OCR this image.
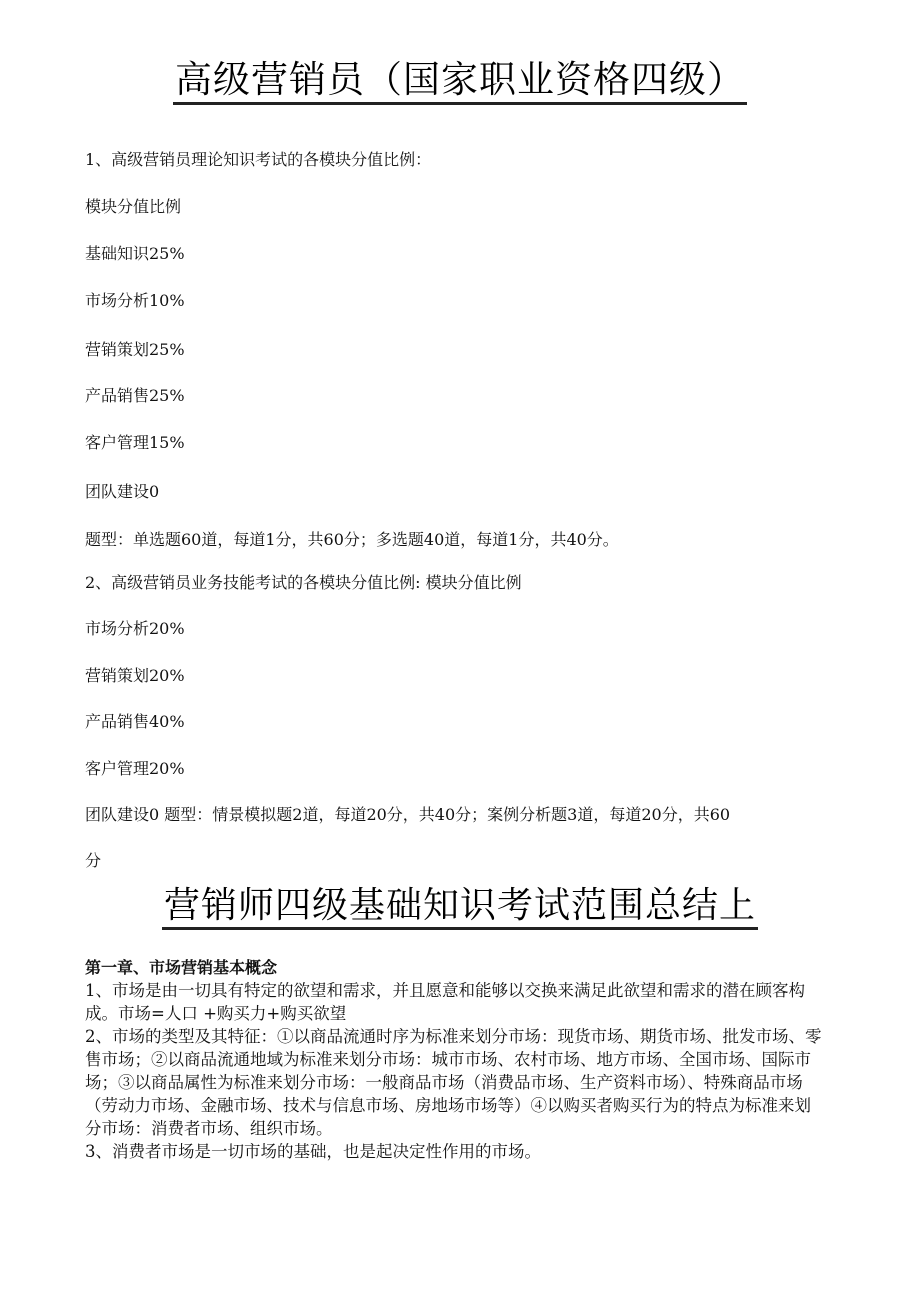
高级营销员（国家职业资格四级）
1、高级营销员理论知识考试的各模块分值比例：
模块分值比例
基础知识25%
市场分析10%
营销策划25%
产品销售25%
客户管理15%
团队建设0
题型：单选题60道，每道1分，共60分；多选题40道，每道1分，共40分。
2、高级营销员业务技能考试的各模块分值比例: 模块分值比例
市场分析20%
营销策划20%
产品销售40%
客户管理20%
团队建设0 题型：情景模拟题2道，每道20分，共40分；案例分析题3道，每道20分，共60
分
营销师四级基础知识考试范围总结上
第一章、市场营销基本概念

1、市场是由一切具有特定的欲望和需求，并且愿意和能够以交换来满足此欲望和需求的潜在顾客构成。市场=人口 +购买力+购买欲望

2、市场的类型及其特征：①以商品流通时序为标准来划分市场：现货市场、期货市场、批发市场、零售市场；②以商品流通地域为标准来划分市场：城市市场、农村市场、地方市场、全国市场、国际市场；③以商品属性为标准来划分市场：一般商品市场（消费品市场、生产资料市场）、特殊商品市场（劳动力市场、金融市场、技术与信息市场、房地场市场等）④以购买者购买行为的特点为标准来划分市场：消费者市场、组织市场。

3、消费者市场是一切市场的基础，也是起决定性作用的市场。
